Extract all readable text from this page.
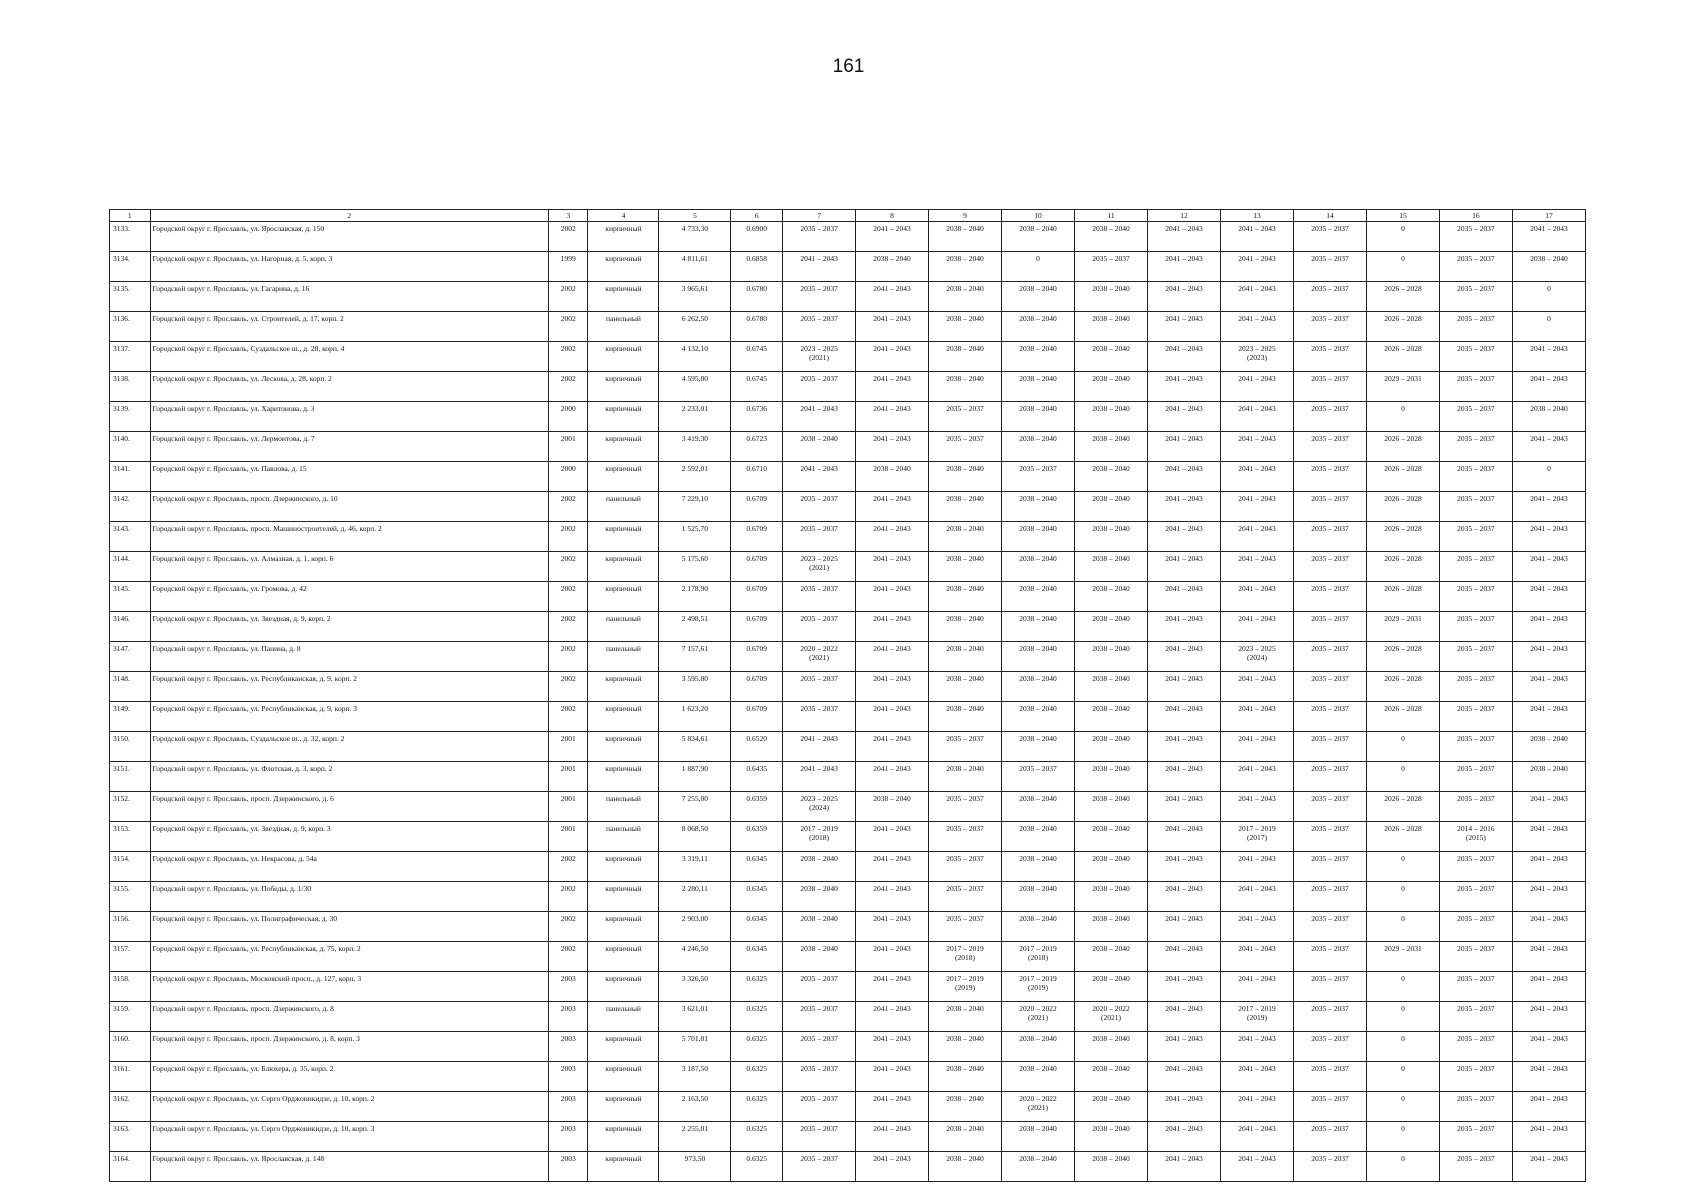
161
1	2	3	4	5	6	7	8	9	10	11	12	13	14	15	16	17

3133.	Городской округ г. Ярославль, ул. Ярославская, д. 150	2002	кирпичный	4 733,30	0.6900	2035 – 2037	2041 – 2043	2038 – 2040	2038 – 2040	2038 – 2040	2041 – 2043	2041 – 2043	2035 – 2037	0	2035 – 2037	2041 – 2043

3134.	Городской округ г. Ярославль, ул. Нагорная, д. 5, корп. 3	1999	кирпичный	4 811,61	0.6858	2041 – 2043	2038 – 2040	2038 – 2040	0	2035 – 2037	2041 – 2043	2041 – 2043	2035 – 2037	0	2035 – 2037	2038 – 2040

3135.	Городской округ г. Ярославль, ул. Гагарина, д. 16	2002	кирпичный	3 965,61	0.6780	2035 – 2037	2041 – 2043	2038 – 2040	2038 – 2040	2038 – 2040	2041 – 2043	2041 – 2043	2035 – 2037	2026 – 2028	2035 – 2037	0

3136.	Городской округ г. Ярославль, ул. Строителей, д. 17, корп. 2	2002	панельный	6 262,50	0.6780	2035 – 2037	2041 – 2043	2038 – 2040	2038 – 2040	2038 – 2040	2041 – 2043	2041 – 2043	2035 – 2037	2026 – 2028	2035 – 2037	0

3137.	Городской округ г. Ярославль, Суздальское ш., д. 28, корп. 4	2002	кирпичный	4 132,10	0.6745	2023 – 2025
(2021)	2041 – 2043	2038 – 2040	2038 – 2040	2038 – 2040	2041 – 2043	2023 – 2025
(2023)	2035 – 2037	2026 – 2028	2035 – 2037	2041 – 2043

3138.	Городской округ г. Ярославль, ул. Лескова, д. 28, корп. 2	2002	кирпичный	4 595,80	0.6745	2035 – 2037	2041 – 2043	2038 – 2040	2038 – 2040	2038 – 2040	2041 – 2043	2041 – 2043	2035 – 2037	2029 – 2031	2035 – 2037	2041 – 2043

3139.	Городской округ г. Ярославль, ул. Харитонова, д. 3	2000	кирпичный	2 233,01	0.6736	2041 – 2043	2041 – 2043	2035 – 2037	2038 – 2040	2038 – 2040	2041 – 2043	2041 – 2043	2035 – 2037	0	2035 – 2037	2038 – 2040

3140.	Городской округ г. Ярославль, ул. Лермонтова, д. 7	2001	кирпичный	3 419,30	0.6723	2038 – 2040	2041 – 2043	2035 – 2037	2038 – 2040	2038 – 2040	2041 – 2043	2041 – 2043	2035 – 2037	2026 – 2028	2035 – 2037	2041 – 2043

3141.	Городской округ г. Ярославль, ул. Павлова, д. 15	2000	кирпичный	2 592,01	0.6710	2041 – 2043	2038 – 2040	2038 – 2040	2035 – 2037	2038 – 2040	2041 – 2043	2041 – 2043	2035 – 2037	2026 – 2028	2035 – 2037	0

3142.	Городской округ г. Ярославль, просп. Дзержинского, д. 10	2002	панельный	7 229,10	0.6709	2035 – 2037	2041 – 2043	2038 – 2040	2038 – 2040	2038 – 2040	2041 – 2043	2041 – 2043	2035 – 2037	2026 – 2028	2035 – 2037	2041 – 2043

3143.	Городской округ г. Ярославль, просп. Машиностроителей, д. 46, корп. 2	2002	кирпичный	1 525,70	0.6709	2035 – 2037	2041 – 2043	2038 – 2040	2038 – 2040	2038 – 2040	2041 – 2043	2041 – 2043	2035 – 2037	2026 – 2028	2035 – 2037	2041 – 2043

3144.	Городской округ г. Ярославль, ул. Алмазная, д. 1, корп. 6	2002	кирпичный	5 175,60	0.6709	2023 – 2025
(2021)	2041 – 2043	2038 – 2040	2038 – 2040	2038 – 2040	2041 – 2043	2041 – 2043	2035 – 2037	2026 – 2028	2035 – 2037	2041 – 2043

3145.	Городской округ г. Ярославль, ул. Громова, д. 42	2002	кирпичный	2 178,90	0.6709	2035 – 2037	2041 – 2043	2038 – 2040	2038 – 2040	2038 – 2040	2041 – 2043	2041 – 2043	2035 – 2037	2026 – 2028	2035 – 2037	2041 – 2043

3146.	Городской округ г. Ярославль, ул. Звездная, д. 9, корп. 2	2002	панельный	2 498,51	0.6709	2035 – 2037	2041 – 2043	2038 – 2040	2038 – 2040	2038 – 2040	2041 – 2043	2041 – 2043	2035 – 2037	2029 – 2031	2035 – 2037	2041 – 2043

3147.	Городской округ г. Ярославль, ул. Панина, д. 8	2002	панельный	7 157,61	0.6709	2020 – 2022
(2021)	2041 – 2043	2038 – 2040	2038 – 2040	2038 – 2040	2041 – 2043	2023 – 2025
(2024)	2035 – 2037	2026 – 2028	2035 – 2037	2041 – 2043

3148.	Городской округ г. Ярославль, ул. Республиканская, д. 9, корп. 2	2002	кирпичный	3 595,80	0.6709	2035 – 2037	2041 – 2043	2038 – 2040	2038 – 2040	2038 – 2040	2041 – 2043	2041 – 2043	2035 – 2037	2026 – 2028	2035 – 2037	2041 – 2043

3149.	Городской округ г. Ярославль, ул. Республиканская, д. 9, корп. 3	2002	кирпичный	1 623,20	0.6709	2035 – 2037	2041 – 2043	2038 – 2040	2038 – 2040	2038 – 2040	2041 – 2043	2041 – 2043	2035 – 2037	2026 – 2028	2035 – 2037	2041 – 2043

3150.	Городской округ г. Ярославль, Суздальское ш., д. 32, корп. 2	2001	кирпичный	5 834,61	0.6520	2041 – 2043	2041 – 2043	2035 – 2037	2038 – 2040	2038 – 2040	2041 – 2043	2041 – 2043	2035 – 2037	0	2035 – 2037	2038 – 2040

3151.	Городской округ г. Ярославль, ул. Флотская, д. 3, корп. 2	2001	кирпичный	1 887,90	0.6435	2041 – 2043	2041 – 2043	2038 – 2040	2035 – 2037	2038 – 2040	2041 – 2043	2041 – 2043	2035 – 2037	0	2035 – 2037	2038 – 2040

3152.	Городской округ г. Ярославль, просп. Дзержинского, д. 6	2001	панельный	7 255,00	0.6359	2023 – 2025
(2024)	2038 – 2040	2035 – 2037	2038 – 2040	2038 – 2040	2041 – 2043	2041 – 2043	2035 – 2037	2026 – 2028	2035 – 2037	2041 – 2043

3153.	Городской округ г. Ярославль, ул. Звездная, д. 9, корп. 3	2001	панельный	8 068,50	0.6359	2017 – 2019
(2018)	2041 – 2043	2035 – 2037	2038 – 2040	2038 – 2040	2041 – 2043	2017 – 2019
(2017)	2035 – 2037	2026 – 2028	2014 – 2016
(2015)	2041 – 2043

3154.	Городской округ г. Ярославль, ул. Некрасова, д. 54а	2002	кирпичный	3 319,11	0.6345	2038 – 2040	2041 – 2043	2035 – 2037	2038 – 2040	2038 – 2040	2041 – 2043	2041 – 2043	2035 – 2037	0	2035 – 2037	2041 – 2043

3155.	Городской округ г. Ярославль, ул. Победы, д. 1/30	2002	кирпичный	2 280,11	0.6345	2038 – 2040	2041 – 2043	2035 – 2037	2038 – 2040	2038 – 2040	2041 – 2043	2041 – 2043	2035 – 2037	0	2035 – 2037	2041 – 2043

3156.	Городской округ г. Ярославль, ул. Полиграфическая, д. 30	2002	кирпичный	2 903,00	0.6345	2038 – 2040	2041 – 2043	2035 – 2037	2038 – 2040	2038 – 2040	2041 – 2043	2041 – 2043	2035 – 2037	0	2035 – 2037	2041 – 2043

3157.	Городской округ г. Ярославль, ул. Республиканская, д. 75, корп. 2	2002	кирпичный	4 246,50	0.6345	2038 – 2040	2041 – 2043	2017 – 2019
(2018)	2017 – 2019
(2018)	2038 – 2040	2041 – 2043	2041 – 2043	2035 – 2037	2029 – 2031	2035 – 2037	2041 – 2043

3158.	Городской округ г. Ярославль, Московский просп., д. 127, корп. 3	2003	кирпичный	3 326,50	0.6325	2035 – 2037	2041 – 2043	2017 – 2019
(2019)	2017 – 2019
(2019)	2038 – 2040	2041 – 2043	2041 – 2043	2035 – 2037	0	2035 – 2037	2041 – 2043

3159.	Городской округ г. Ярославль, просп. Дзержинского, д. 8	2003	панельный	3 621,01	0.6325	2035 – 2037	2041 – 2043	2038 – 2040	2020 – 2022
(2021)	2020 – 2022
(2021)	2041 – 2043	2017 – 2019
(2019)	2035 – 2037	0	2035 – 2037	2041 – 2043

3160.	Городской округ г. Ярославль, просп. Дзержинского, д. 8, корп. 3	2003	кирпичный	5 701,81	0.6325	2035 – 2037	2041 – 2043	2038 – 2040	2038 – 2040	2038 – 2040	2041 – 2043	2041 – 2043	2035 – 2037	0	2035 – 2037	2041 – 2043

3161.	Городской округ г. Ярославль, ул. Блюхера, д. 35, корп. 2	2003	кирпичный	3 187,50	0.6325	2035 – 2037	2041 – 2043	2038 – 2040	2038 – 2040	2038 – 2040	2041 – 2043	2041 – 2043	2035 – 2037	0	2035 – 2037	2041 – 2043

3162.	Городской округ г. Ярославль, ул. Серго Орджоникидзе, д. 10, корп. 2	2003	кирпичный	2 163,50	0.6325	2035 – 2037	2041 – 2043	2038 – 2040	2020 – 2022
(2021)	2038 – 2040	2041 – 2043	2041 – 2043	2035 – 2037	0	2035 – 2037	2041 – 2043

3163.	Городской округ г. Ярославль, ул. Серго Орджоникидзе, д. 10, корп. 3	2003	кирпичный	2 255,01	0.6325	2035 – 2037	2041 – 2043	2038 – 2040	2038 – 2040	2038 – 2040	2041 – 2043	2041 – 2043	2035 – 2037	0	2035 – 2037	2041 – 2043

3164.	Городской округ г. Ярославль, ул. Ярославская, д. 148	2003	кирпичный	973,50	0.6325	2035 – 2037	2041 – 2043	2038 – 2040	2038 – 2040	2038 – 2040	2041 – 2043	2041 – 2043	2035 – 2037	0	2035 – 2037	2041 – 2043
